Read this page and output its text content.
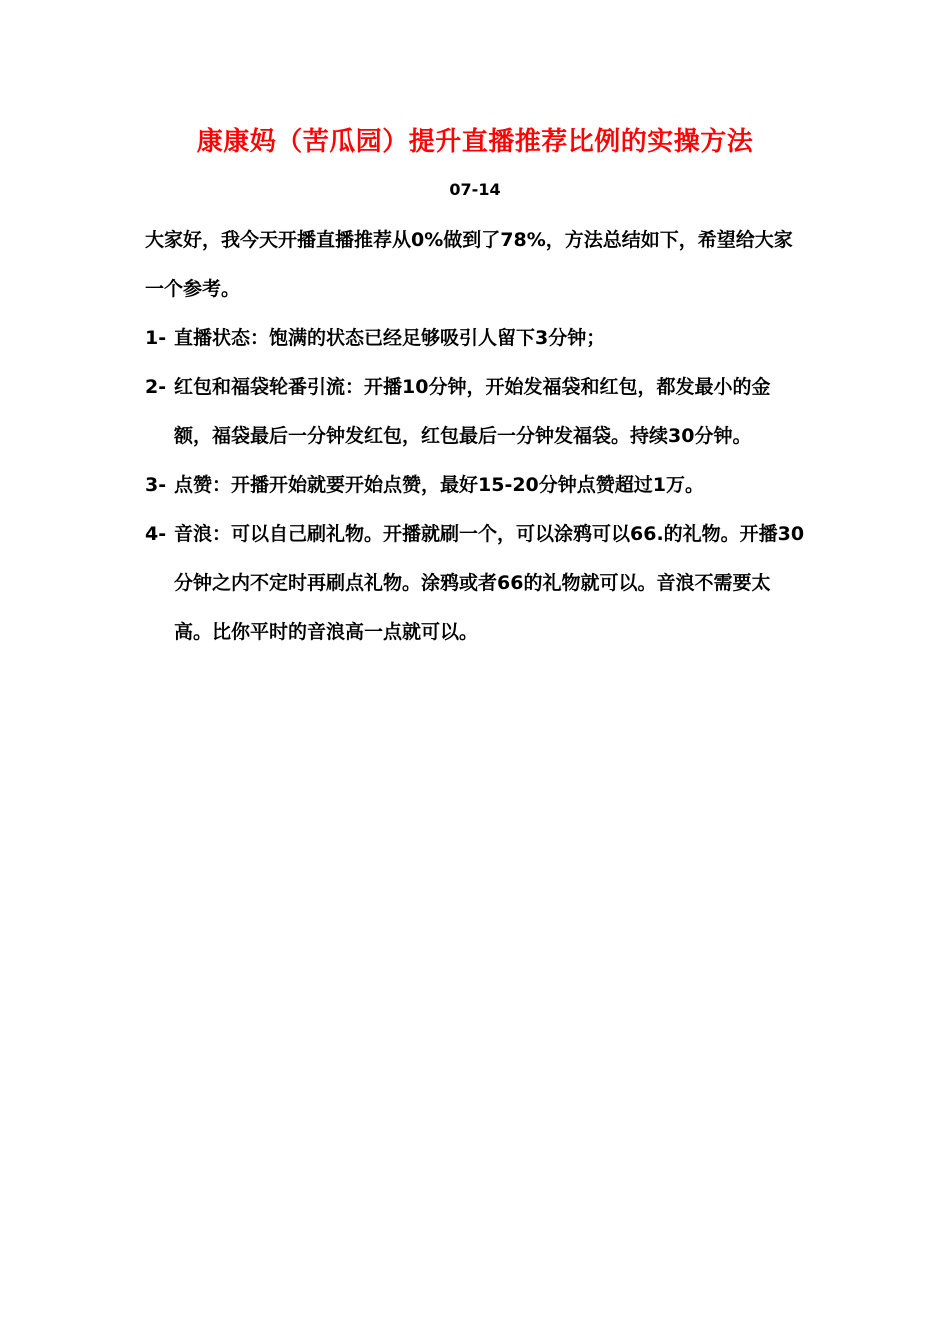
康康妈（苦瓜园）提升直播推荐比例的实操方法
07-14

大家好，我今天开播直播推荐从0%做到了78%，方法总结如下，希望给大家一个参考。

1- 直播状态：饱满的状态已经足够吸引人留下3分钟；
2- 红包和福袋轮番引流：开播10分钟，开始发福袋和红包，都发最小的金额，福袋最后一分钟发红包，红包最后一分钟发福袋。持续30分钟。
3- 点赞：开播开始就要开始点赞，最好15-20分钟点赞超过1万。
4- 音浪：可以自己刷礼物。开播就刷一个，可以涂鸦可以66.的礼物。开播30分钟之内不定时再刷点礼物。涂鸦或者66的礼物就可以。音浪不需要太高。比你平时的音浪高一点就可以。
